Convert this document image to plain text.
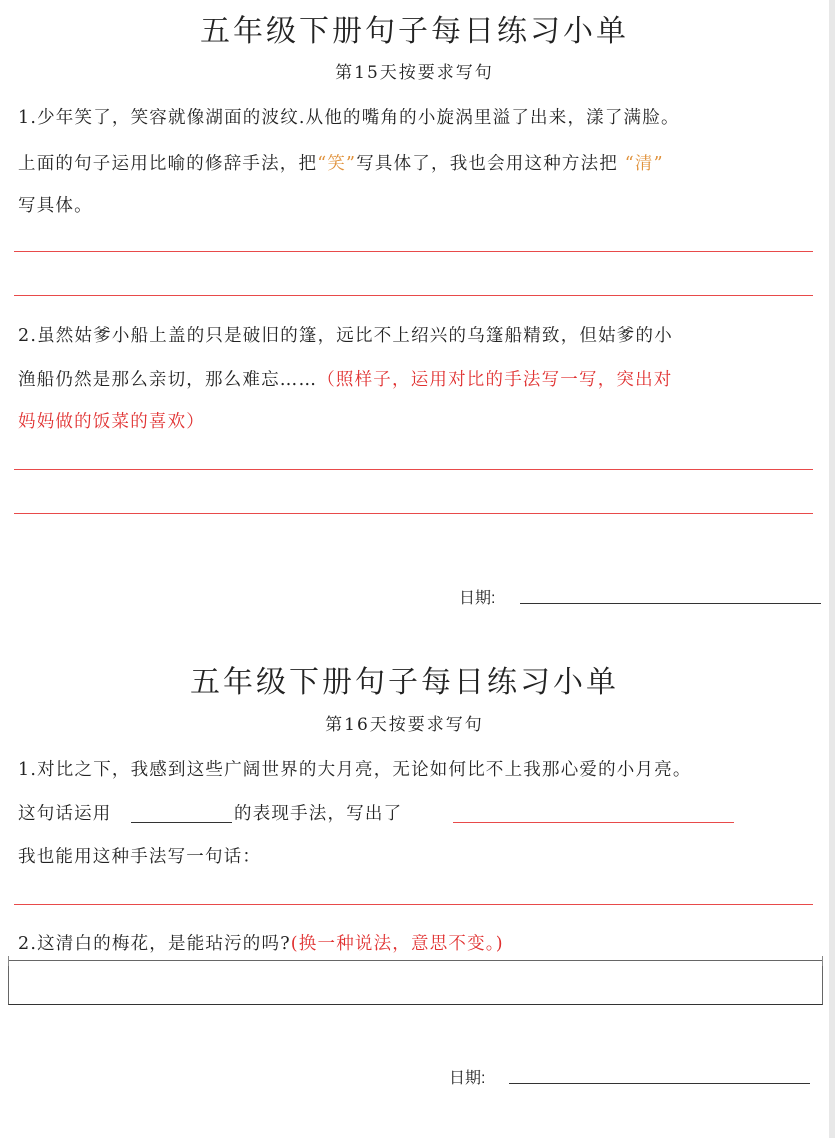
五年级下册句子每日练习小单
第15天按要求写句
1.少年笑了，笑容就像湖面的波纹.从他的嘴角的小旋涡里溢了出来，漾了满脸。
上面的句子运用比喻的修辞手法，把“笑”写具体了，我也会用这种方法把 “清”
写具体。
2.虽然姑爹小船上盖的只是破旧的篷，远比不上绍兴的乌篷船精致，但姑爹的小
渔船仍然是那么亲切，那么难忘……（照样子，运用对比的手法写一写，突出对
妈妈做的饭菜的喜欢）
日期:
五年级下册句子每日练习小单
第16天按要求写句
1.对比之下，我感到这些广阔世界的大月亮，无论如何比不上我那心爱的小月亮。
这句话运用	的表现手法，写出了
我也能用这种手法写一句话：
2.这清白的梅花，是能玷污的吗?(换一种说法，意思不变。)
日期:
